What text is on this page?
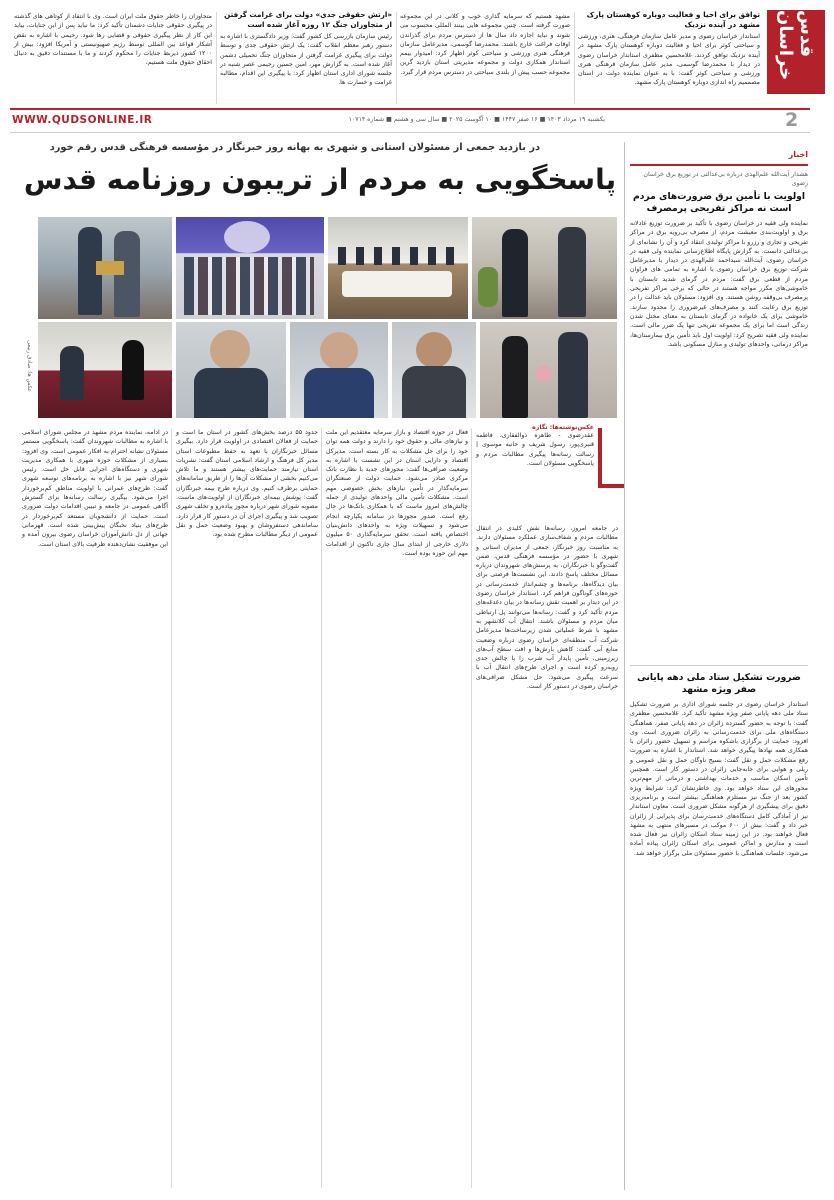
قدس خراسان
توافق برای احیا و فعالیت دوباره کوهستان پارک مشهد در آینده نزدیک
استاندار خراسان رضوی و مدیر عامل سازمان فرهنگی، هنری، ورزشی و سیاحتی کوثر برای احیا و فعالیت دوباره کوهستان پارک مشهد در آینده نزدیک توافق کردند. غلامحسین مظفری استاندار خراسان رضوی در دیدار با محمدرضا گوسمی، مدیر عامل سازمان فرهنگی هنری ورزشی و سیاحتی کوثر گفت: با به عنوان نماینده دولت در استان مصممیم راه اندازی دوباره کوهستان پارک مشهد.
مشهد هستیم که سرمایه گذاری خوب و کلانی در این مجموعه صورت گرفته است. چنین مجموعه هایی بینند المللی محسوب می شوند و نباید اجازه داد سال ها از دسترس مردم برای گذراندن اوقات فراغت خارج باشند. محمدرضا گوسمی، مدیرعامل سازمان فرهنگی هنری ورزشی و سیاحتی کوثر اظهار کرد: امیدوار بیمم استاندار همکاری دولت و مجموعه مدیریتی استان بازدید گرین مجموعه حسب پیش از بلندی سیاحتی در دسترس مردم قرار گیرد.
«ارتش حقوقی جدی» دولت برای غرامت گرفتن از متجاوزان جنگ ۱۲ روزه آغاز شده است
رئیس سازمان بازرسی کل کشور گفت: وزیر دادگستری با اشاره به دستور رهبر معظم انقلاب گفت: یک ارتش حقوقی جدی و توسط دولت برای پیگیری غرامت گرفتن از متجاوزان جنگ تحمیلی دشمن آغاز شده است. به گزارش مهر، امین حسین رحیمی عصر شنبه در جلسه شورای اداری استان اظهار کرد: با پیگیری این اقدام، مطالبه غرامت و خسارت ها.
متجاوزان را خاطر حقوق ملت ایران است. وی با انتقاد از کوتاهی های گذشته در پیگیری حقوقی جنایات دشمنان تأکید کرد: ما نباید پس از این جنایات، بیاید این کار از نظر پیگیری حقوقی و قضایی رها شود. رحیمی با اشاره به نقض آشکار قواعد بین المللی توسط رژیم صهیونیستی و آمریکا افزود: بیش از ۱۲۰۰ کشور ذیربط جنایات را محکوم کردند و ما با مستندات دقیق به دنبال احقاق حقوق ملت هستیم.
WWW.QUDSONLINE.IR	یکشنبه ۱۹ مرداد ۱۴۰۳ ■ ۱۶ صفر ۱۴۴۷ ■ ۱۰ آگوست ۲۰۲۵ ■ سال سی و هشتم ■ شماره ۱۰۷۱۴	2
در بازدید جمعی از مسئولان استانی و شهری به بهانه روز خبرنگار در مؤسسه فرهنگی قدس رقم خورد
پاسخگویی به مردم از تریبون روزنامه قدس
عکس ها: صادق ربیعی
عکس‌نوشته‌ها: نگاره
عقدرضوی - طاهره ذوالفقاری، فاطمه قنبری‌پور، رسول شریف و حانیه موسوی | رسالت رسانه‌ها پیگیری مطالبات مردم و پاسخگویی مسئولان است.
در جامعه امروز، رسانه‌ها نقش کلیدی در انتقال مطالبات مردم و شفاف‌سازی عملکرد مسئولان دارند. به مناسبت روز خبرنگار، جمعی از مدیران استانی و شهری با حضور در مؤسسه فرهنگی قدس، ضمن گفت‌وگو با خبرنگاران، به پرسش‌های شهروندان درباره مسائل مختلف پاسخ دادند. این نشست‌ها فرصتی برای بیان دیدگاه‌ها، برنامه‌ها و چشم‌انداز خدمت‌رسانی در حوزه‌های گوناگون فراهم کرد. استاندار خراسان رضوی در این دیدار بر اهمیت نقش رسانه‌ها در بیان دغدغه‌های مردم تأکید کرد و گفت: رسانه‌ها می‌توانند پل ارتباطی میان مردم و مسئولان باشند. انتقال آب کلانشهر به مشهد با شرط عملیاتی شدن زیرساخت‌ها مدیرعامل شرکت آب منطقه‌ای خراسان رضوی درباره وضعیت منابع آبی گفت: کاهش بارش‌ها و افت سطح آب‌های زیرزمینی، تأمین پایدار آب شرب را با چالش جدی روبه‌رو کرده است و اجرای طرح‌های انتقال آب با سرعت پیگیری می‌شود. حل مشکل صرافی‌های خراسان رضوی در دستور کار است.
فعال در حوزه اقتصاد و بازار سرمایه معتقدیم این ملت و نیازهای مالی و حقوق خود را دارند و دولت همه توان خود را برای حل مشکلات به کار بسته است. مدیرکل اقتصاد و دارایی استان در این نشست با اشاره به وضعیت صرافی‌ها گفت: مجوزهای جدید با نظارت بانک مرکزی صادر می‌شود. حمایت دولت از صنعتگران سرمایه‌گذار در تأمین نیازهای بخش خصوصی مهم است. مشکلات تأمین مالی واحدهای تولیدی از جمله چالش‌های امروز ماست که با همکاری بانک‌ها در حال رفع است. صدور مجوزها در سامانه یکپارچه انجام می‌شود و تسهیلات ویژه به واحدهای دانش‌بنیان اختصاص یافته است. تحقق سرمایه‌گذاری ۵۰ میلیون دلاری خارجی از ابتدای سال جاری تاکنون از اقدامات مهم این حوزه بوده است.
حدود ۵۵ درصد بخش‌های کشور در استان ما است و حمایت از فعالان اقتصادی در اولویت قرار دارد. بیگیری مسائل خبرنگاران با تعهد به حفظ مطبوعات استان مدیر کل فرهنگ و ارشاد اسلامی استان گفت: نشریات استان نیازمند حمایت‌های بیشتر هستند و ما تلاش می‌کنیم بخشی از مشکلات آن‌ها را از طریق سامانه‌های حمایتی برطرف کنیم. وی درباره طرح بیمه خبرنگاران گفت: پوشش بیمه‌ای خبرنگاران از اولویت‌های ماست. مصوبه شورای شهر درباره مجوز پیاده‌رو و تخلف شهری تصویب شد و پیگیری اجرای آن در دستور کار قرار دارد. ساماندهی دستفروشان و بهبود وضعیت حمل و نقل عمومی از دیگر مطالبات مطرح شده بود.
در ادامه، نماینده مردم مشهد در مجلس شورای اسلامی با اشاره به مطالبات شهروندان گفت: پاسخگویی مستمر مسئولان نشانه احترام به افکار عمومی است. وی افزود: بسیاری از مشکلات حوزه شهری با همکاری مدیریت شهری و دستگاه‌های اجرایی قابل حل است. رئیس شورای شهر نیز با اشاره به برنامه‌های توسعه شهری گفت: طرح‌های عمرانی با اولویت مناطق کم‌برخوردار اجرا می‌شود. بیگیری رسالت رسانه‌ها برای گسترش آگاهی عمومی در جامعه و تبیین اقدامات دولت ضروری است. حمایت از دانشجویان مستعد کم‌برخوردار در طرح‌های بنیاد نخبگان پیش‌بینی شده است. قهرمانی جهانی از دل دانش‌آموزان خراسان رضوی بیرون آمده و این موفقیت نشان‌دهنده ظرفیت بالای استان است.
اخبار
هشدار آیت‌الله علم‌الهدی درباره بی‌عدالتی در توزیع برق خراسان رضوی
اولویت با تأمین برق ضرورت‌های مردم است نه مراکز تفریحی پرمصرف
نماینده ولی فقیه در خراسان رضوی با تأکید بر ضرورت توزیع عادلانه برق و اولویت‌بندی معیشت مردم، از مصرف بی‌رویه برق در مراکز تفریحی و تجاری و رزرو با مراکز تولیدی انتقاد کرد و آن را نشانه‌ای از بی‌عدالتی دانست. به گزارش پایگاه اطلاع‌رسانی نماینده ولی فقیه در خراسان رضوی، آیت‌الله سیداحمد علم‌الهدی در دیدار با مدیرعامل شرکت توزیع برق خراسان رضوی با اشاره به تمامی های فراوان مردم از قطعی برق گفت: مردم در گرمای شدید تابستان با خاموشی‌های مکرر مواجه هستند در حالی که برخی مراکز تفریحی پرمصرف بی‌وقفه روشن هستند. وی افزود: مسئولان باید عدالت را در توزیع برق رعایت کنند و مصرف‌های غیرضروری را محدود سازند. خاموشی برای یک خانواده در گرمای تابستان به معنای مختل شدن زندگی است اما برای یک مجموعه تفریحی تنها یک ضرر مالی است. نماینده ولی فقیه تصریح کرد: اولویت اول باید تأمین برق بیمارستان‌ها، مراکز درمانی، واحدهای تولیدی و منازل مسکونی باشد.
ضرورت تشکیل ستاد ملی دهه پایانی صفر ویژه مشهد
استاندار خراسان رضوی در جلسه شورای اداری بر ضرورت تشکیل ستاد ملی دهه پایانی صفر ویژه مشهد تأکید کرد. غلامحسین مظفری گفت: با توجه به حضور گسترده زائران در دهه پایانی صفر، هماهنگی دستگاه‌های ملی برای خدمت‌رسانی به زائران ضروری است. وی افزود: حمایت از برگزاری باشکوه مراسم و تسهیل حضور زائران با همکاری همه نهادها پیگیری خواهد شد. استاندار با اشاره به ضرورت رفع مشکلات حمل و نقل گفت: بسیج ناوگان حمل و نقل عمومی و ریلی و هوایی برای جابه‌جایی زائران در دستور کار است. همچنین تأمین اسکان مناسب و خدمات بهداشتی و درمانی از مهم‌ترین محورهای این ستاد خواهد بود. وی خاطرنشان کرد: شرایط ویژه کشور بعد از جنگ نیز مستلزم هماهنگی بیشتر است و برنامه‌ریزی دقیق برای پیشگیری از هرگونه مشکل ضروری است. معاون استاندار نیز از آمادگی کامل دستگاه‌های خدمت‌رسان برای پذیرایی از زائران خبر داد و گفت: بیش از ۶۰۰ موکب در مسیرهای منتهی به مشهد فعال خواهند بود. در این زمینه ستاد اسکان زائران نیز فعال شده است و مدارس و اماکن عمومی برای اسکان زائران پیاده آماده می‌شود. جلسات هماهنگی با حضور مسئولان ملی برگزار خواهد شد.
